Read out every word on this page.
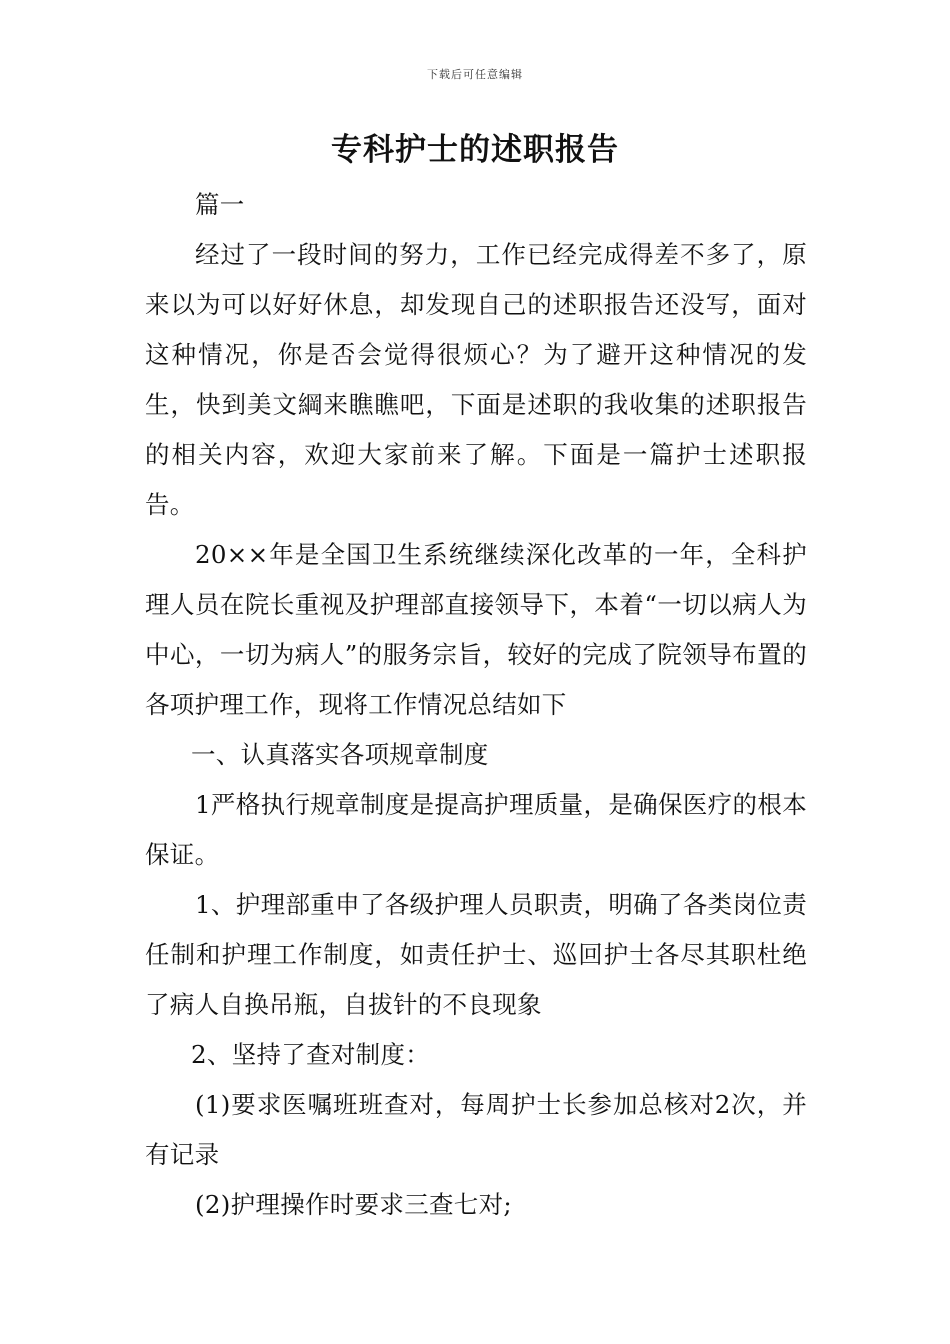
下载后可任意编辑
专科护士的述职报告

篇一

经过了一段时间的努力，工作已经完成得差不多了，原来以为可以好好休息，却发现自己的述职报告还没写，面对这种情况，你是否会觉得很烦心？为了避开这种情况的发生，快到美文綱来瞧瞧吧，下面是述职的我收集的述职报告的相关内容，欢迎大家前来了解。下面是一篇护士述职报告。

20××年是全国卫生系统继续深化改革的一年，全科护理人员在院长重视及护理部直接领导下，本着“一切以病人为中心，一切为病人”的服务宗旨，较好的完成了院领导布置的各项护理工作，现将工作情况总结如下

一、认真落实各项规章制度

1严格执行规章制度是提高护理质量，是确保医疗的根本保证。

1、护理部重申了各级护理人员职责，明确了各类岗位责任制和护理工作制度，如责任护士、巡回护士各尽其职杜绝了病人自换吊瓶，自拔针的不良现象

2、坚持了查对制度：

(1)要求医嘱班班查对，每周护士长参加总核对2次，并有记录

(2)护理操作时要求三查七对;
